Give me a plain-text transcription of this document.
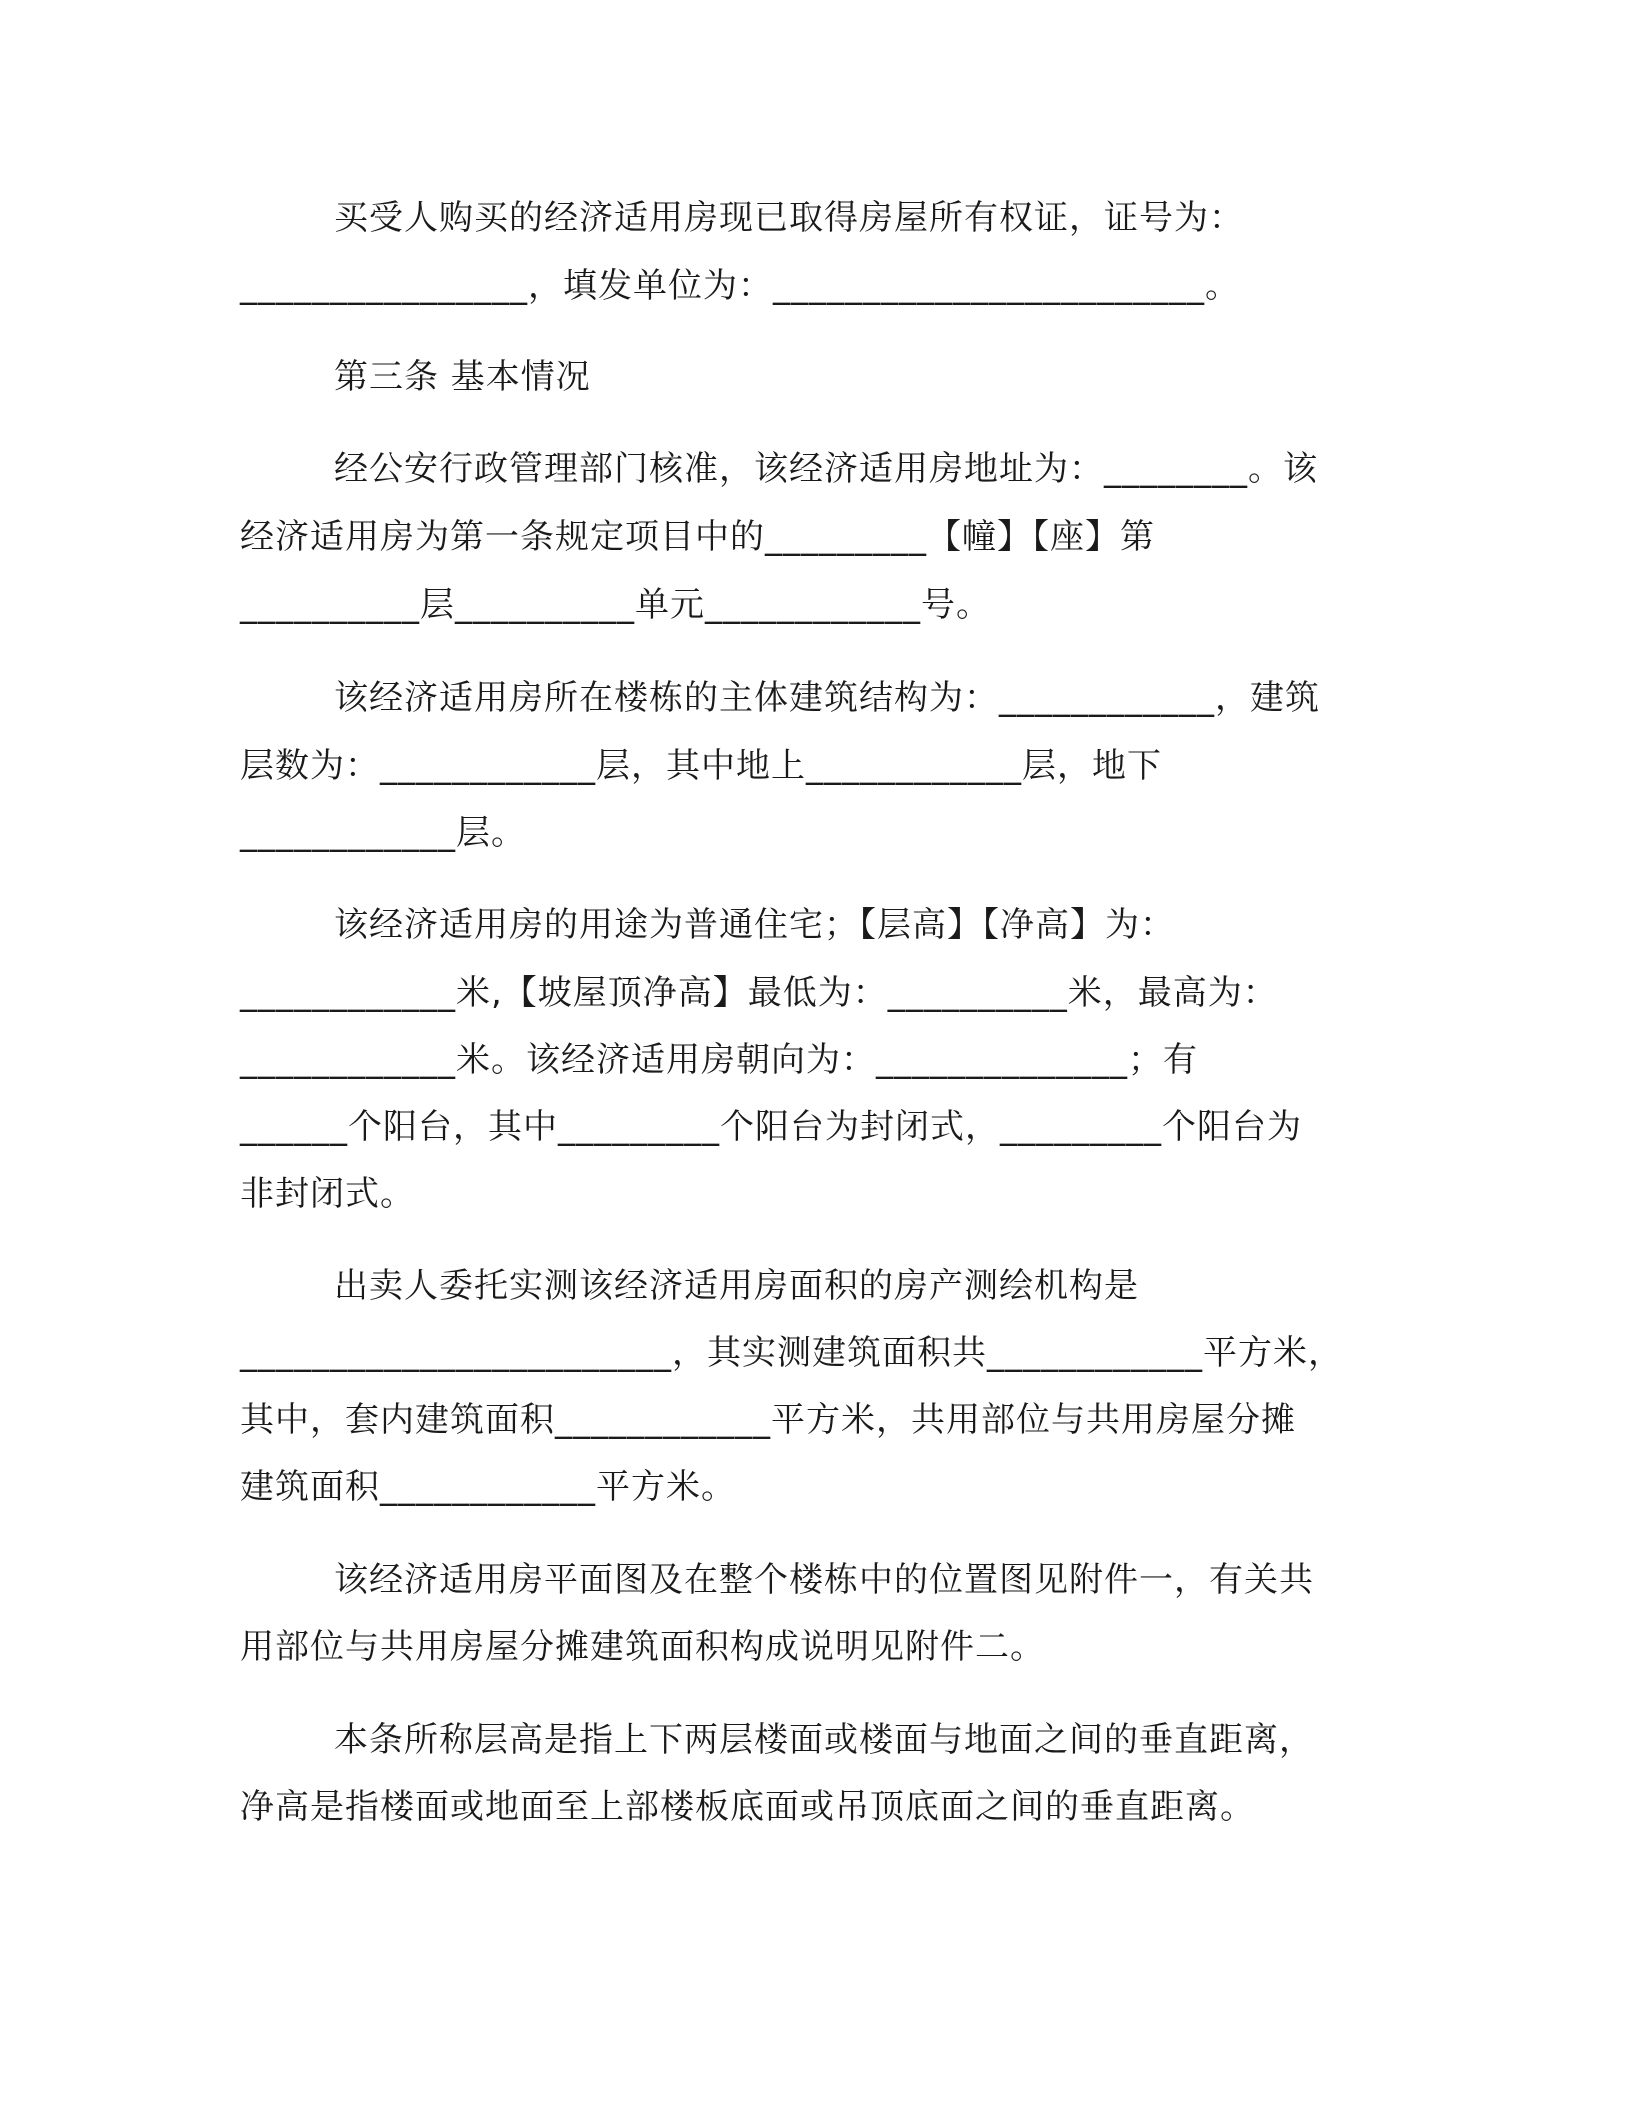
买受人购买的经济适用房现已取得房屋所有权证，证号为：
________________，填发单位为：________________________。
第三条 基本情况
经公安行政管理部门核准，该经济适用房地址为：________。该
经济适用房为第一条规定项目中的_________【幢】【座】第
__________层__________单元____________号。
该经济适用房所在楼栋的主体建筑结构为：____________，建筑
层数为：____________层，其中地上____________层，地下
____________层。
该经济适用房的用途为普通住宅；【层高】【净高】为：
____________米,【坡屋顶净高】最低为：__________米，最高为：
____________米。该经济适用房朝向为：______________；有
______个阳台，其中_________个阳台为封闭式，_________个阳台为
非封闭式。
出卖人委托实测该经济适用房面积的房产测绘机构是
________________________，其实测建筑面积共____________平方米，
其中，套内建筑面积____________平方米，共用部位与共用房屋分摊
建筑面积____________平方米。
该经济适用房平面图及在整个楼栋中的位置图见附件一，有关共
用部位与共用房屋分摊建筑面积构成说明见附件二。
本条所称层高是指上下两层楼面或楼面与地面之间的垂直距离，
净高是指楼面或地面至上部楼板底面或吊顶底面之间的垂直距离。
